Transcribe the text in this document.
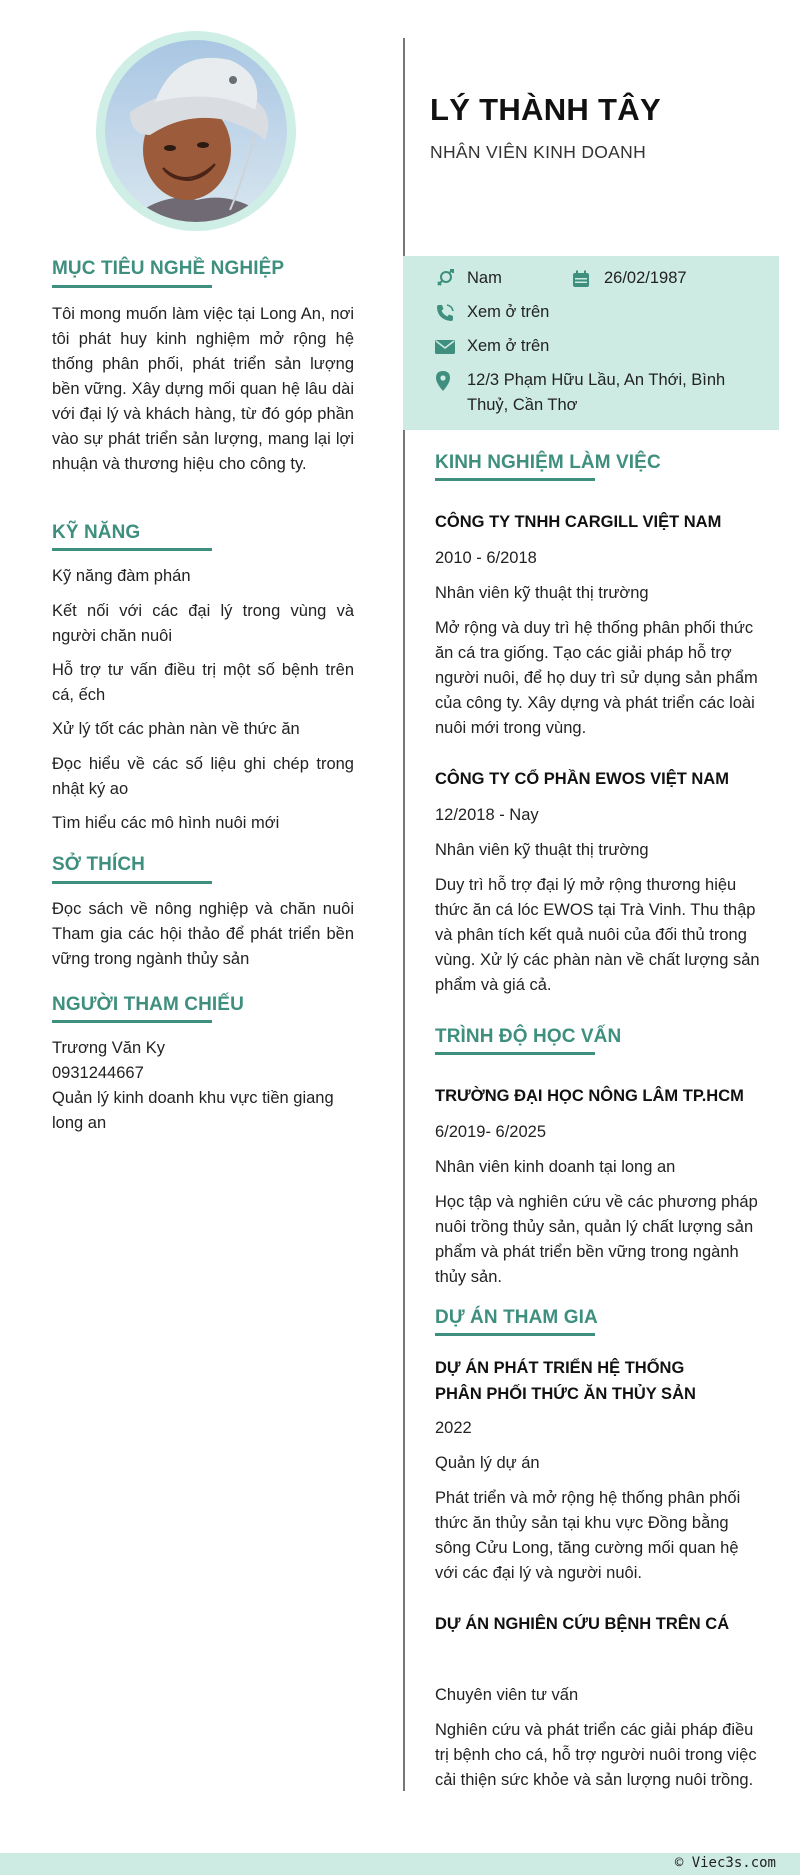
MỤC TIÊU NGHỀ NGHIỆP
Tôi mong muốn làm việc tại Long An, nơi tôi phát huy kinh nghiệm mở rộng hệ thống phân phối, phát triển sản lượng bền vững. Xây dựng mối quan hệ lâu dài với đại lý và khách hàng, từ đó góp phần vào sự phát triển sản lượng, mang lại lợi nhuận và thương hiệu cho công ty.
KỸ NĂNG
Kỹ năng đàm phán
Kết nối với các đại lý trong vùng và người chăn nuôi
Hỗ trợ tư vấn điều trị một số bệnh trên cá, ếch
Xử lý tốt các phàn nàn về thức ăn
Đọc hiểu về các số liệu ghi chép trong nhật ký ao
Tìm hiểu các mô hình nuôi mới
SỞ THÍCH
Đọc sách về nông nghiệp và chăn nuôi Tham gia các hội thảo để phát triển bền vững trong ngành thủy sản
NGƯỜI THAM CHIẾU
Trương Văn Ky
0931244667
Quản lý kinh doanh khu vực tiền giang long an
LÝ THÀNH TÂY
NHÂN VIÊN KINH DOANH
Nam	26/02/1987
Xem ở trên
Xem ở trên
12/3 Phạm Hữu Lầu, An Thới, Bình Thuỷ, Cần Thơ
KINH NGHIỆM LÀM VIỆC
CÔNG TY TNHH CARGILL VIỆT NAM
2010 - 6/2018
Nhân viên kỹ thuật thị trường
Mở rộng và duy trì hệ thống phân phối thức ăn cá tra giống. Tạo các giải pháp hỗ trợ người nuôi, để họ duy trì sử dụng sản phẩm của công ty. Xây dựng và phát triển các loài nuôi mới trong vùng.
CÔNG TY CỔ PHẦN EWOS VIỆT NAM
12/2018 - Nay
Nhân viên kỹ thuật thị trường
Duy trì hỗ trợ đại lý mở rộng thương hiệu thức ăn cá lóc EWOS tại Trà Vinh. Thu thập và phân tích kết quả nuôi của đối thủ trong vùng. Xử lý các phàn nàn về chất lượng sản phẩm và giá cả.
TRÌNH ĐỘ HỌC VẤN
TRƯỜNG ĐẠI HỌC NÔNG LÂM TP.HCM
6/2019- 6/2025
Nhân viên kinh doanh tại long an
Học tập và nghiên cứu về các phương pháp nuôi trồng thủy sản, quản lý chất lượng sản phẩm và phát triển bền vững trong ngành thủy sản.
DỰ ÁN THAM GIA
DỰ ÁN PHÁT TRIỂN HỆ THỐNG PHÂN PHỐI THỨC ĂN THỦY SẢN
2022
Quản lý dự án
Phát triển và mở rộng hệ thống phân phối thức ăn thủy sản tại khu vực Đồng bằng sông Cửu Long, tăng cường mối quan hệ với các đại lý và người nuôi.
DỰ ÁN NGHIÊN CỨU BỆNH TRÊN CÁ
Chuyên viên tư vấn
Nghiên cứu và phát triển các giải pháp điều trị bệnh cho cá, hỗ trợ người nuôi trong việc cải thiện sức khỏe và sản lượng nuôi trồng.
© Viec3s.com
